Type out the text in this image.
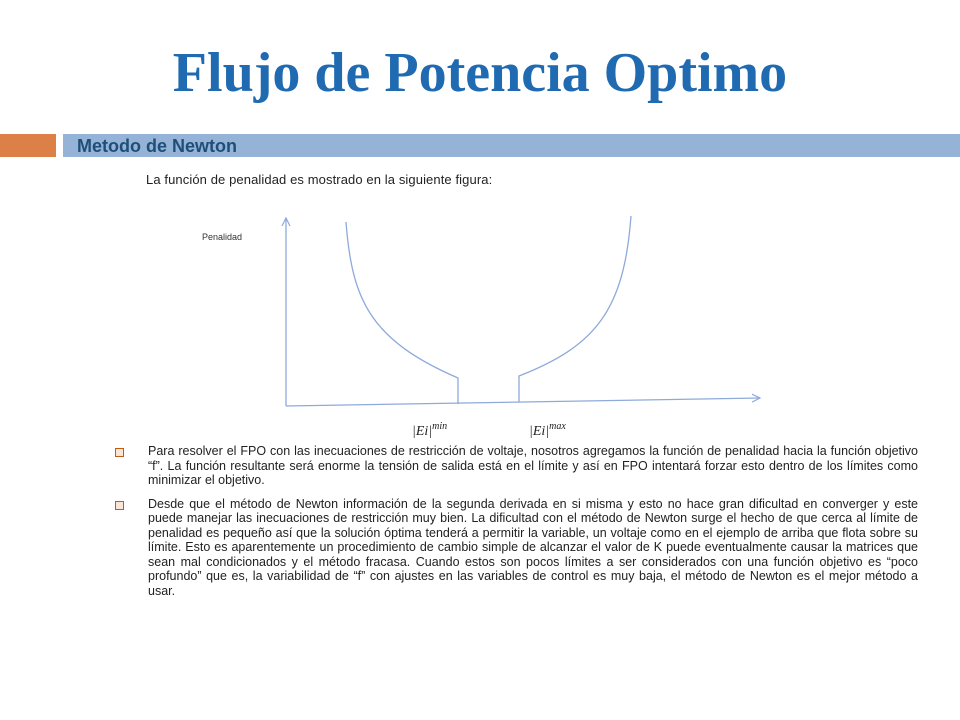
Flujo de Potencia Optimo
Metodo de Newton
La función de penalidad es mostrado en la siguiente figura:
Penalidad
$|Ei|^{min}$	$|Ei|^{max}$
Para resolver el FPO con las inecuaciones de restricción de voltaje, nosotros agregamos la función de penalidad hacia la función objetivo “f”. La función resultante será enorme la tensión de salida está en el límite y así en FPO intentará forzar esto dentro de los límites como minimizar el objetivo.
Desde que el método de Newton información de la segunda derivada en si misma y esto no hace gran dificultad en converger y este puede manejar las inecuaciones de restricción muy bien. La dificultad con el método de Newton surge el hecho de que cerca al límite de penalidad es pequeño así que la solución óptima tenderá a permitir la variable, un voltaje como en el ejemplo de arriba que flota sobre su límite. Esto es aparentemente un procedimiento de cambio simple de alcanzar el valor de K puede eventualmente causar la matrices que sean mal condicionados y el método fracasa. Cuando estos son pocos límites a ser considerados con una función objetivo es “poco profundo” que es, la variabilidad de “f” con ajustes en las variables de control es muy baja, el método de Newton es el mejor método a usar.
